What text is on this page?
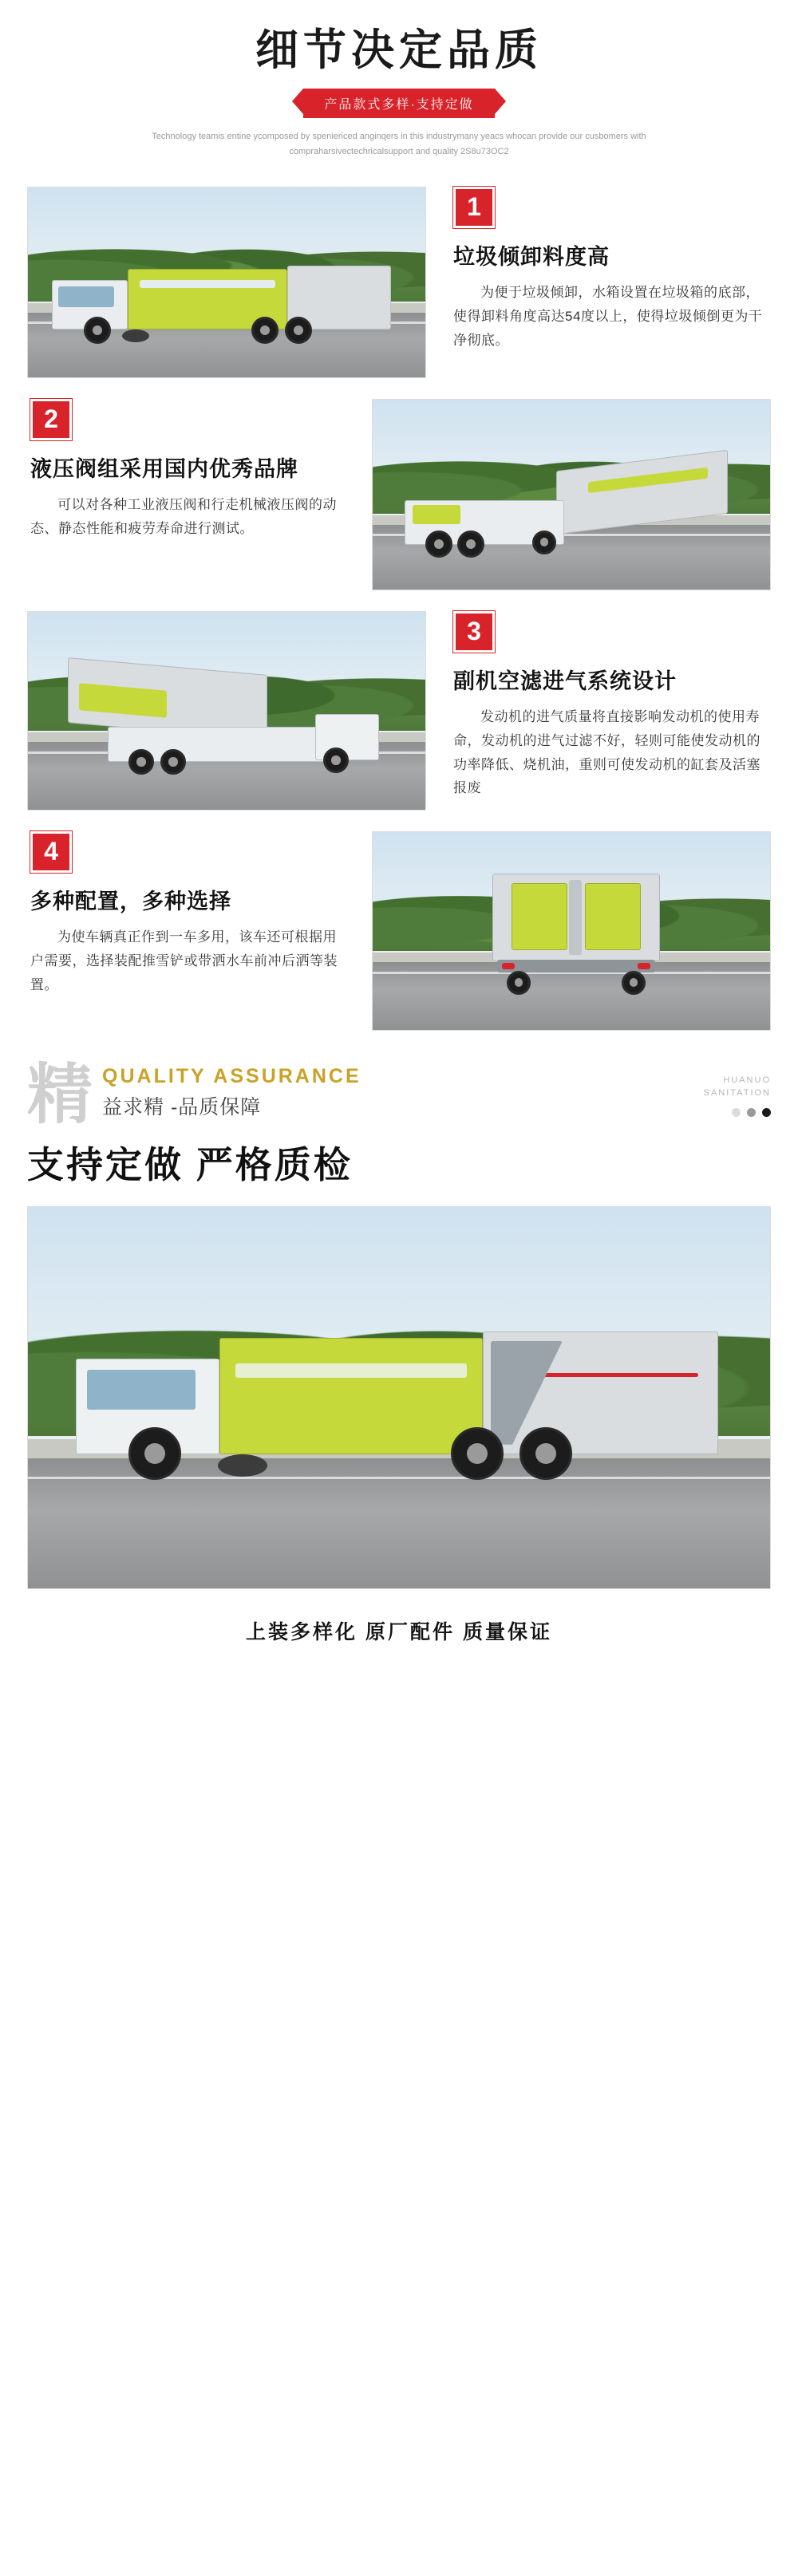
细节决定品质
产品款式多样·支持定做
Technology teamis entine ycomposed by speniericed anginqers in this industrymany yeacs whocan provide our cusbomers with compraharsivectechricalsupport and quality 2S8u73OC2
1
垃圾倾卸料度高
为便于垃圾倾卸，水箱设置在垃圾箱的底部，使得卸料角度高达54度以上，使得垃圾倾倒更为干净彻底。
2
液压阀组采用国内优秀品牌
可以对各种工业液压阀和行走机械液压阀的动态、静态性能和疲劳寿命进行测试。
3
副机空滤进气系统设计
发动机的进气质量将直接影响发动机的使用寿命，发动机的进气过滤不好，轻则可能使发动机的功率降低、烧机油，重则可使发动机的缸套及活塞报废
4
多种配置，多种选择
为使车辆真正作到一车多用，该车还可根据用户需要，选择装配推雪铲或带洒水车前冲后洒等装置。
精 QUALITY ASSURANCE
益求精 -品质保障
HUANUO
SANITATION
支持定做 严格质检
上装多样化 原厂配件 质量保证
